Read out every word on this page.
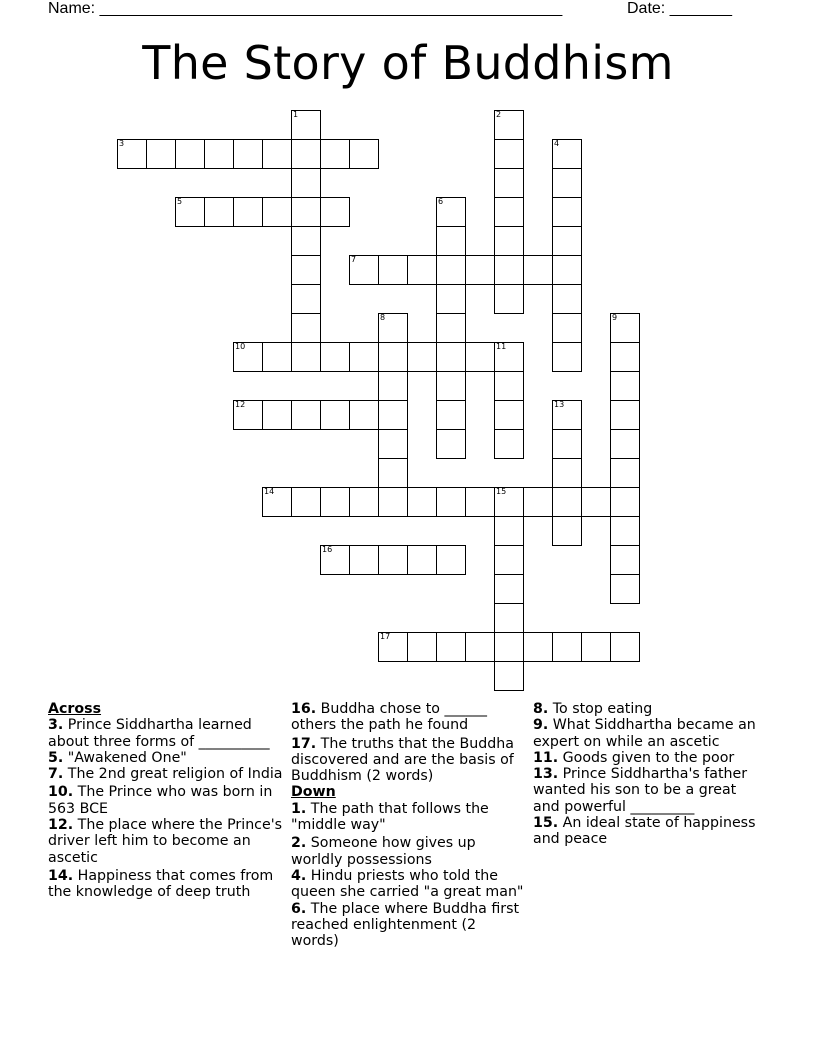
Name: ____________________________________________________	Date: _______
The Story of Buddhism
3
5
7
10	11
12
14	15
16
17
1	2
4
6
8	9
13
Across
3. Prince Siddhartha learned about three forms of __________
5. "Awakened One"
7. The 2nd great religion of India
10. The Prince who was born in 563 BCE
12. The place where the Prince's driver left him to become an ascetic
14. Happiness that comes from the knowledge of deep truth
16. Buddha chose to ______ others the path he found
17. The truths that the Buddha discovered and are the basis of Buddhism (2 words)
Down
1. The path that follows the "middle way"
2. Someone how gives up worldly possessions
4. Hindu priests who told the queen she carried "a great man"
6. The place where Buddha first reached enlightenment (2 words)
8. To stop eating
9. What Siddhartha became an expert on while an ascetic
11. Goods given to the poor
13. Prince Siddhartha's father wanted his son to be a great and powerful _________
15. An ideal state of happiness and peace
